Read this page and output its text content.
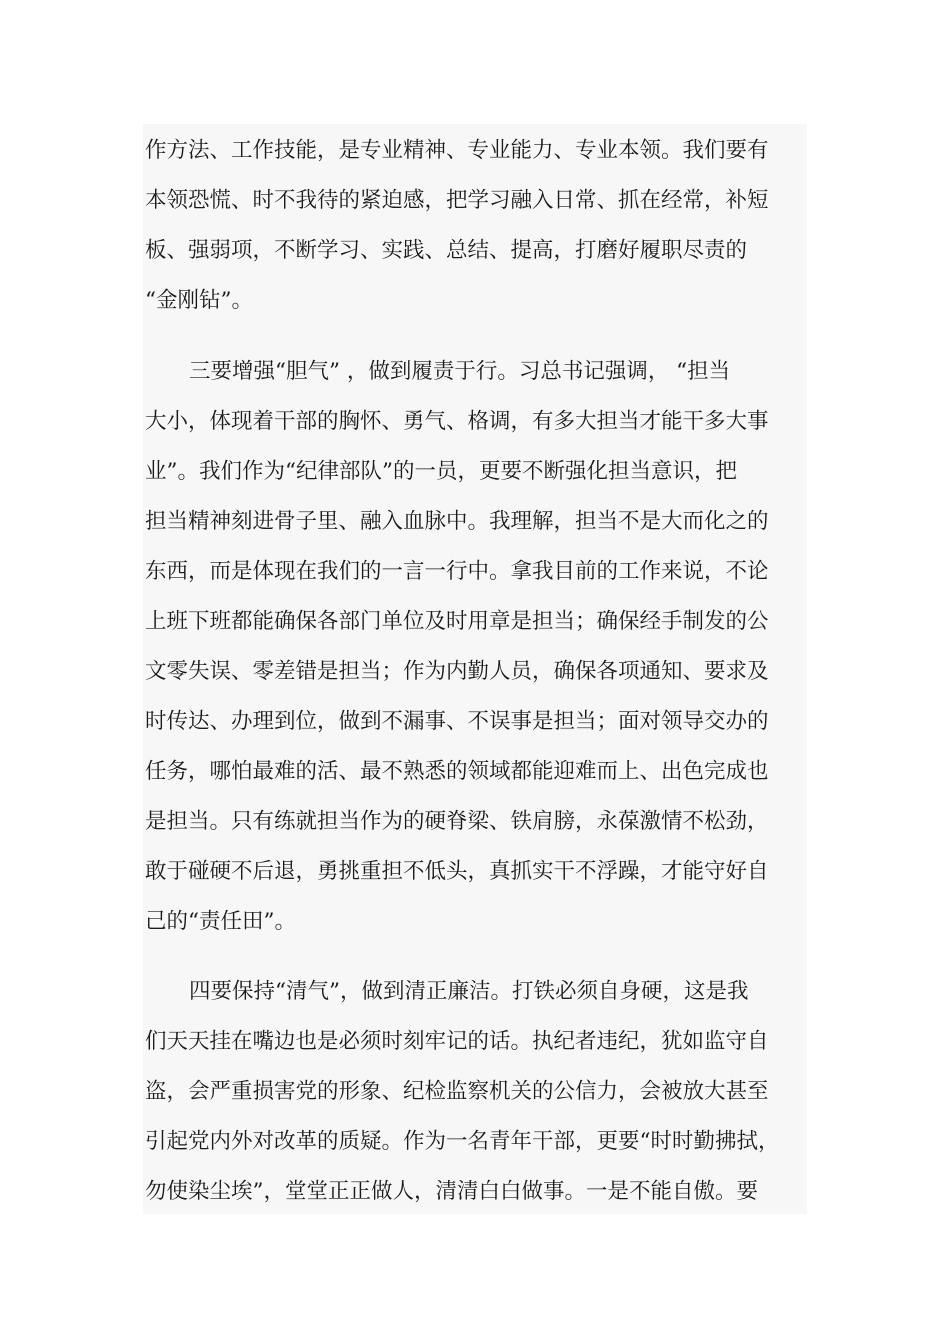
作方法、工作技能，是专业精神、专业能力、专业本领。我们要有
本领恐慌、时不我待的紧迫感，把学习融入日常、抓在经常，补短
板、强弱项，不断学习、实践、总结、提高，打磨好履职尽责的
“金刚钻”。
三要增强“胆气” ，做到履责于行。习总书记强调， “担当
大小，体现着干部的胸怀、勇气、格调，有多大担当才能干多大事
业”。我们作为“纪律部队”的一员，更要不断强化担当意识，把
担当精神刻进骨子里、融入血脉中。我理解，担当不是大而化之的
东西，而是体现在我们的一言一行中。拿我目前的工作来说，不论
上班下班都能确保各部门单位及时用章是担当；确保经手制发的公
文零失误、零差错是担当；作为内勤人员，确保各项通知、要求及
时传达、办理到位，做到不漏事、不误事是担当；面对领导交办的
任务，哪怕最难的活、最不熟悉的领域都能迎难而上、出色完成也
是担当。只有练就担当作为的硬脊梁、铁肩膀，永葆激情不松劲，
敢于碰硬不后退，勇挑重担不低头，真抓实干不浮躁，才能守好自
己的“责任田”。
四要保持“清气”，做到清正廉洁。打铁必须自身硬，这是我
们天天挂在嘴边也是必须时刻牢记的话。执纪者违纪，犹如监守自
盗，会严重损害党的形象、纪检监察机关的公信力，会被放大甚至
引起党内外对改革的质疑。作为一名青年干部，更要“时时勤拂拭，
勿使染尘埃”，堂堂正正做人，清清白白做事。一是不能自傲。要
